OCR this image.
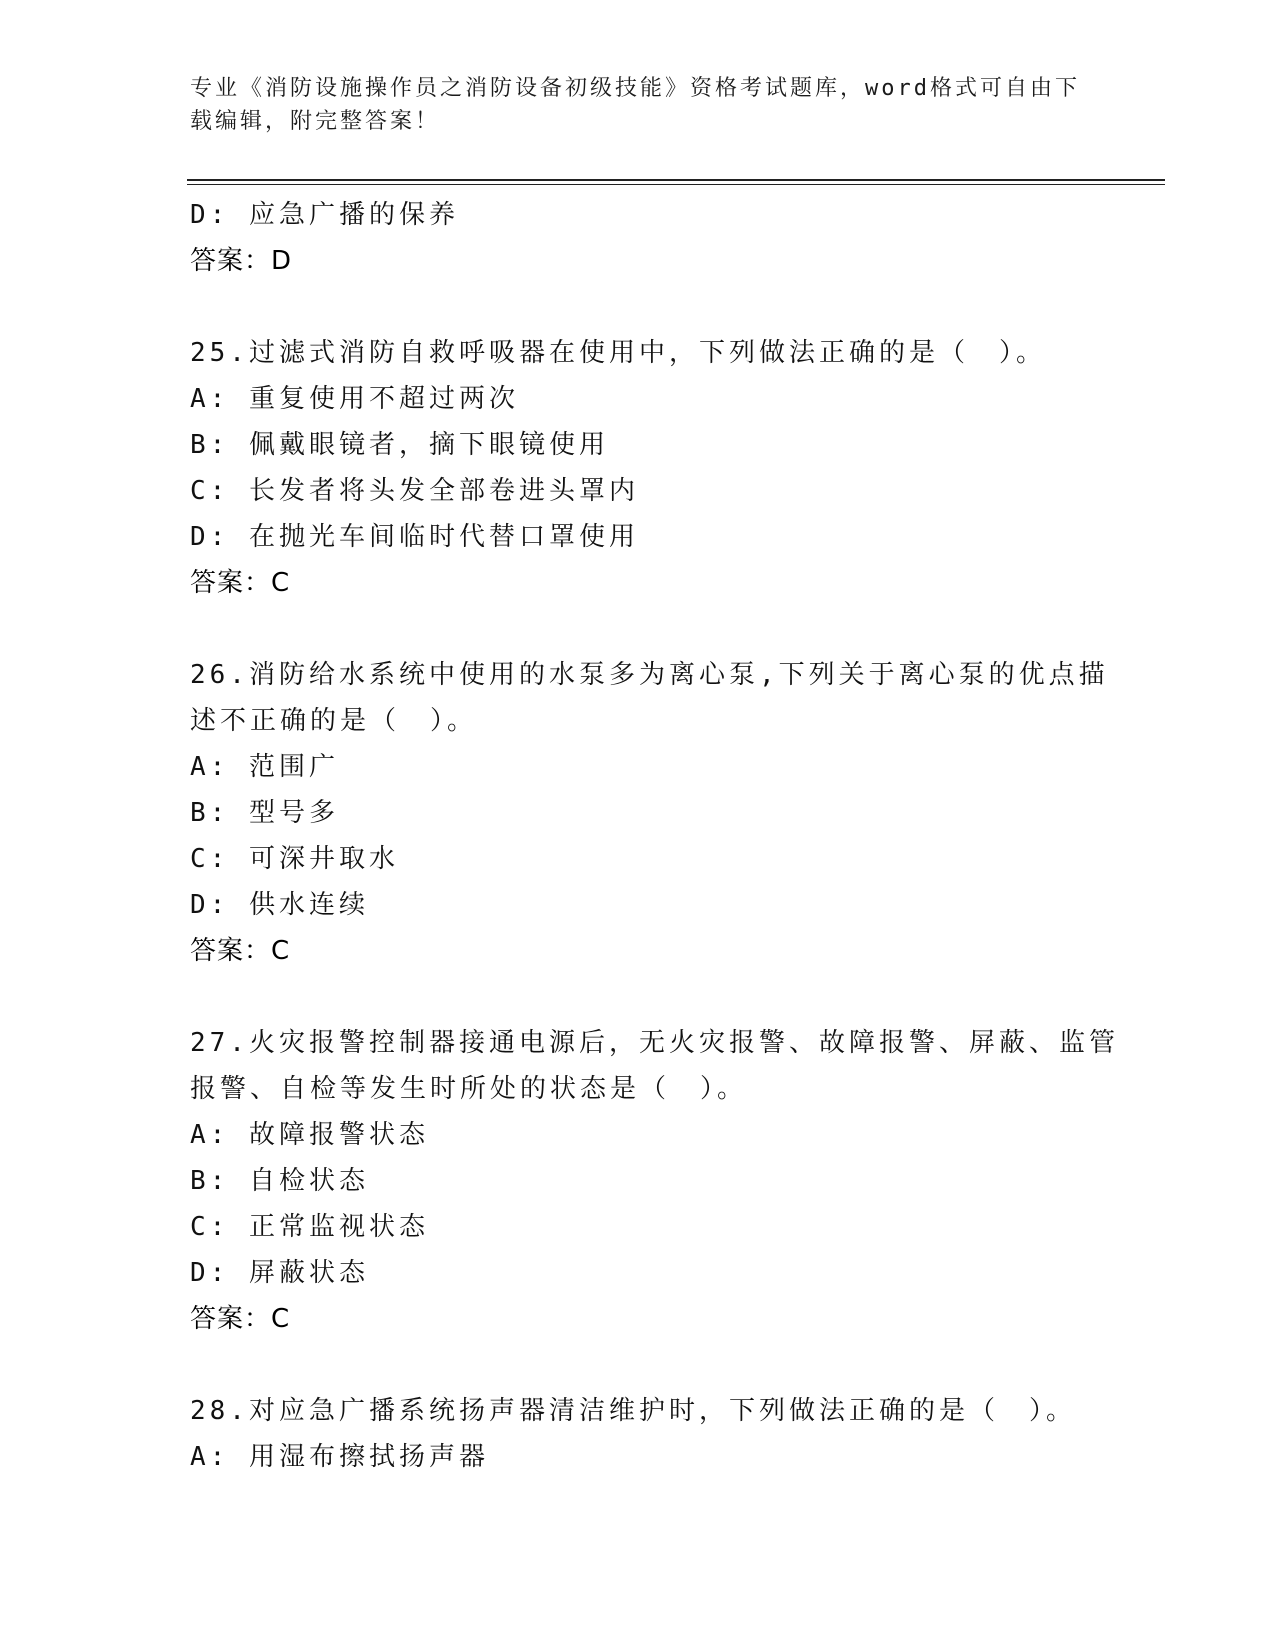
专业《消防设施操作员之消防设备初级技能》资格考试题库，word格式可自由下
载编辑，附完整答案！
D: 应急广播的保养
答案：D
25.过滤式消防自救呼吸器在使用中，下列做法正确的是（　）。
A: 重复使用不超过两次
B: 佩戴眼镜者，摘下眼镜使用
C: 长发者将头发全部卷进头罩内
D: 在抛光车间临时代替口罩使用
答案：C
26.消防给水系统中使用的水泵多为离心泵,下列关于离心泵的优点描
述不正确的是（　）。
A: 范围广
B: 型号多
C: 可深井取水
D: 供水连续
答案：C
27.火灾报警控制器接通电源后，无火灾报警、故障报警、屏蔽、监管
报警、自检等发生时所处的状态是（　）。
A: 故障报警状态
B: 自检状态
C: 正常监视状态
D: 屏蔽状态
答案：C
28.对应急广播系统扬声器清洁维护时，下列做法正确的是（　）。
A: 用湿布擦拭扬声器
